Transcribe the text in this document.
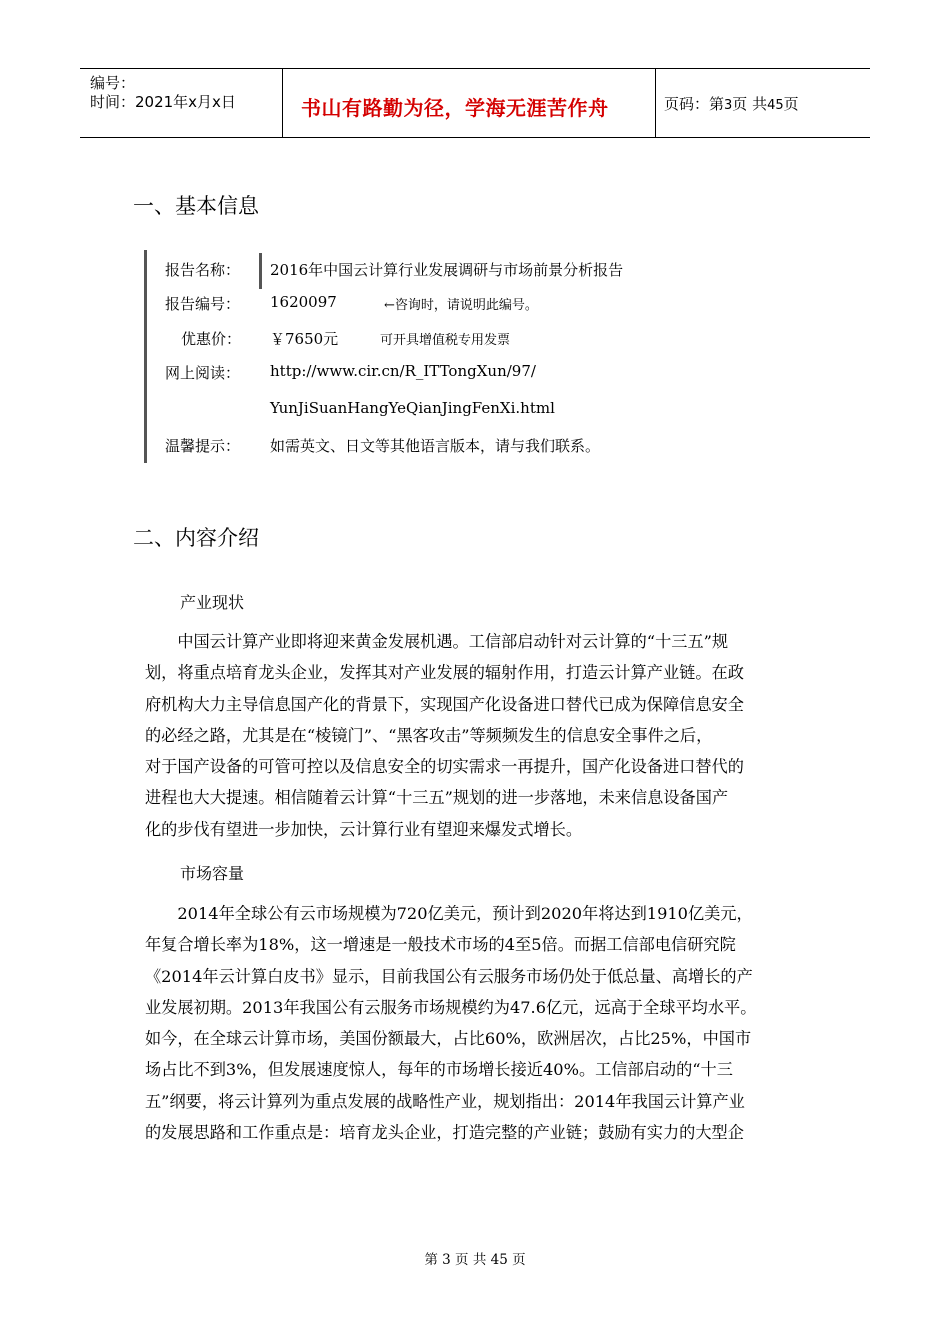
编号：
时间：2021年x月x日	书山有路勤为径，学海无涯苦作舟	页码：第3页 共45页
一、基本信息
报告名称： 2016年中国云计算行业发展调研与市场前景分析报告
报告编号： 1620097	←咨询时，请说明此编号。
优惠价： ￥7650元	可开具增值税专用发票
网上阅读： http://www.cir.cn/R_ITTongXun/97/
YunJiSuanHangYeQianJingFenXi.html
温馨提示： 如需英文、日文等其他语言版本，请与我们联系。
二、内容介绍
产业现状
　　中国云计算产业即将迎来黄金发展机遇。工信部启动针对云计算的“十三五”规
划，将重点培育龙头企业，发挥其对产业发展的辐射作用，打造云计算产业链。在政
府机构大力主导信息国产化的背景下，实现国产化设备进口替代已成为保障信息安全
的必经之路，尤其是在“棱镜门”、“黑客攻击”等频频发生的信息安全事件之后，
对于国产设备的可管可控以及信息安全的切实需求一再提升，国产化设备进口替代的
进程也大大提速。相信随着云计算“十三五”规划的进一步落地，未来信息设备国产
化的步伐有望进一步加快，云计算行业有望迎来爆发式增长。
市场容量
　　2014年全球公有云市场规模为720亿美元，预计到2020年将达到1910亿美元，
年复合增长率为18%，这一增速是一般技术市场的4至5倍。而据工信部电信研究院
《2014年云计算白皮书》显示，目前我国公有云服务市场仍处于低总量、高增长的产
业发展初期。2013年我国公有云服务市场规模约为47.6亿元，远高于全球平均水平。
如今，在全球云计算市场，美国份额最大，占比60%，欧洲居次，占比25%，中国市
场占比不到3%，但发展速度惊人，每年的市场增长接近40%。工信部启动的“十三
五”纲要，将云计算列为重点发展的战略性产业，规划指出：2014年我国云计算产业
的发展思路和工作重点是：培育龙头企业，打造完整的产业链；鼓励有实力的大型企
第 3 页 共 45 页
